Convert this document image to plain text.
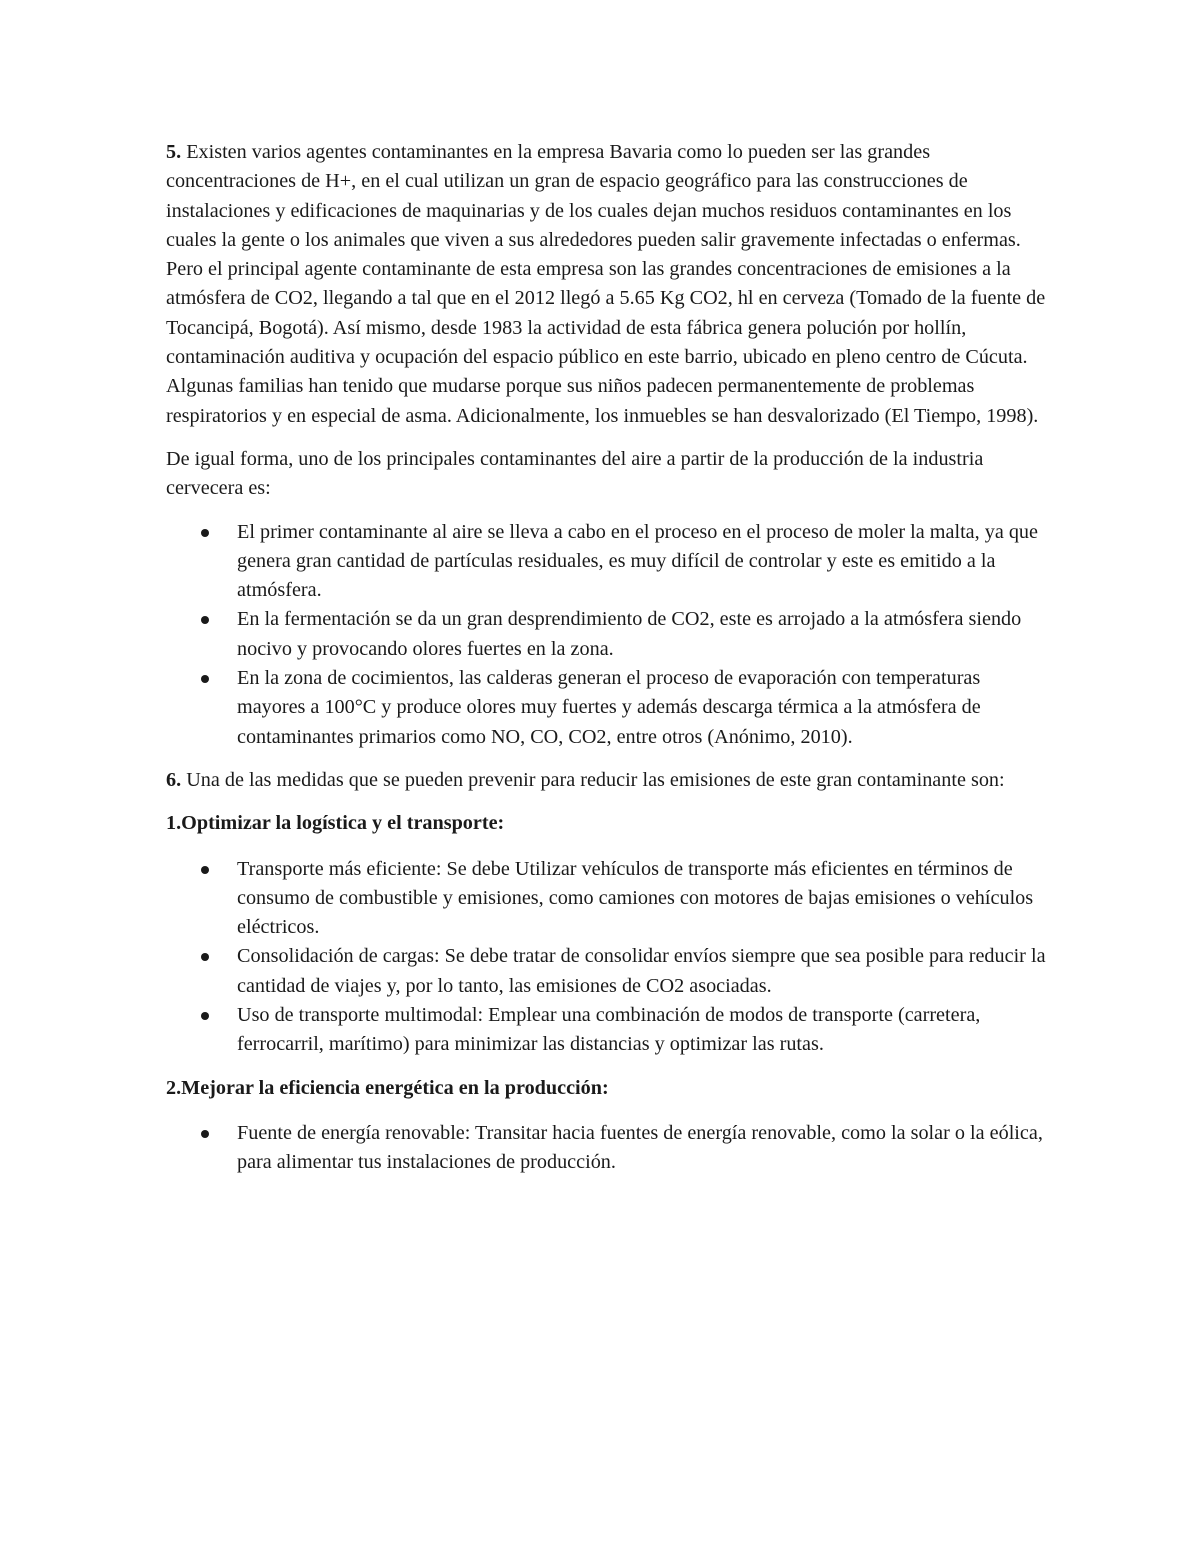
5. Existen varios agentes contaminantes en la empresa Bavaria como lo pueden ser las grandes concentraciones de H+, en el cual utilizan un gran de espacio geográfico para las construcciones de instalaciones y edificaciones de maquinarias y de los cuales dejan muchos residuos contaminantes en los cuales la gente o los animales que viven a sus alrededores pueden salir gravemente infectadas o enfermas. Pero el principal agente contaminante de esta empresa son las grandes concentraciones de emisiones a la atmósfera de CO2, llegando a tal que en el 2012 llegó a 5.65 Kg CO2, hl en cerveza (Tomado de la fuente de Tocancipá, Bogotá). Así mismo, desde 1983 la actividad de esta fábrica genera polución por hollín, contaminación auditiva y ocupación del espacio público en este barrio, ubicado en pleno centro de Cúcuta. Algunas familias han tenido que mudarse porque sus niños padecen permanentemente de problemas respiratorios y en especial de asma. Adicionalmente, los inmuebles se han desvalorizado (El Tiempo, 1998).

De igual forma, uno de los principales contaminantes del aire a partir de la producción de la industria cervecera es:

El primer contaminante al aire se lleva a cabo en el proceso en el proceso de moler la malta, ya que genera gran cantidad de partículas residuales, es muy difícil de controlar y este es emitido a la atmósfera.
En la fermentación se da un gran desprendimiento de CO2, este es arrojado a la atmósfera siendo nocivo y provocando olores fuertes en la zona.
En la zona de cocimientos, las calderas generan el proceso de evaporación con temperaturas mayores a 100°C y produce olores muy fuertes y además descarga térmica a la atmósfera de contaminantes primarios como NO, CO, CO2, entre otros (Anónimo, 2010).

6. Una de las medidas que se pueden prevenir para reducir las emisiones de este gran contaminante son:

1.Optimizar la logística y el transporte:

Transporte más eficiente: Se debe Utilizar vehículos de transporte más eficientes en términos de consumo de combustible y emisiones, como camiones con motores de bajas emisiones o vehículos eléctricos.
Consolidación de cargas: Se debe tratar de consolidar envíos siempre que sea posible para reducir la cantidad de viajes y, por lo tanto, las emisiones de CO2 asociadas.
Uso de transporte multimodal: Emplear una combinación de modos de transporte (carretera, ferrocarril, marítimo) para minimizar las distancias y optimizar las rutas.

2.Mejorar la eficiencia energética en la producción:

Fuente de energía renovable: Transitar hacia fuentes de energía renovable, como la solar o la eólica, para alimentar tus instalaciones de producción.
